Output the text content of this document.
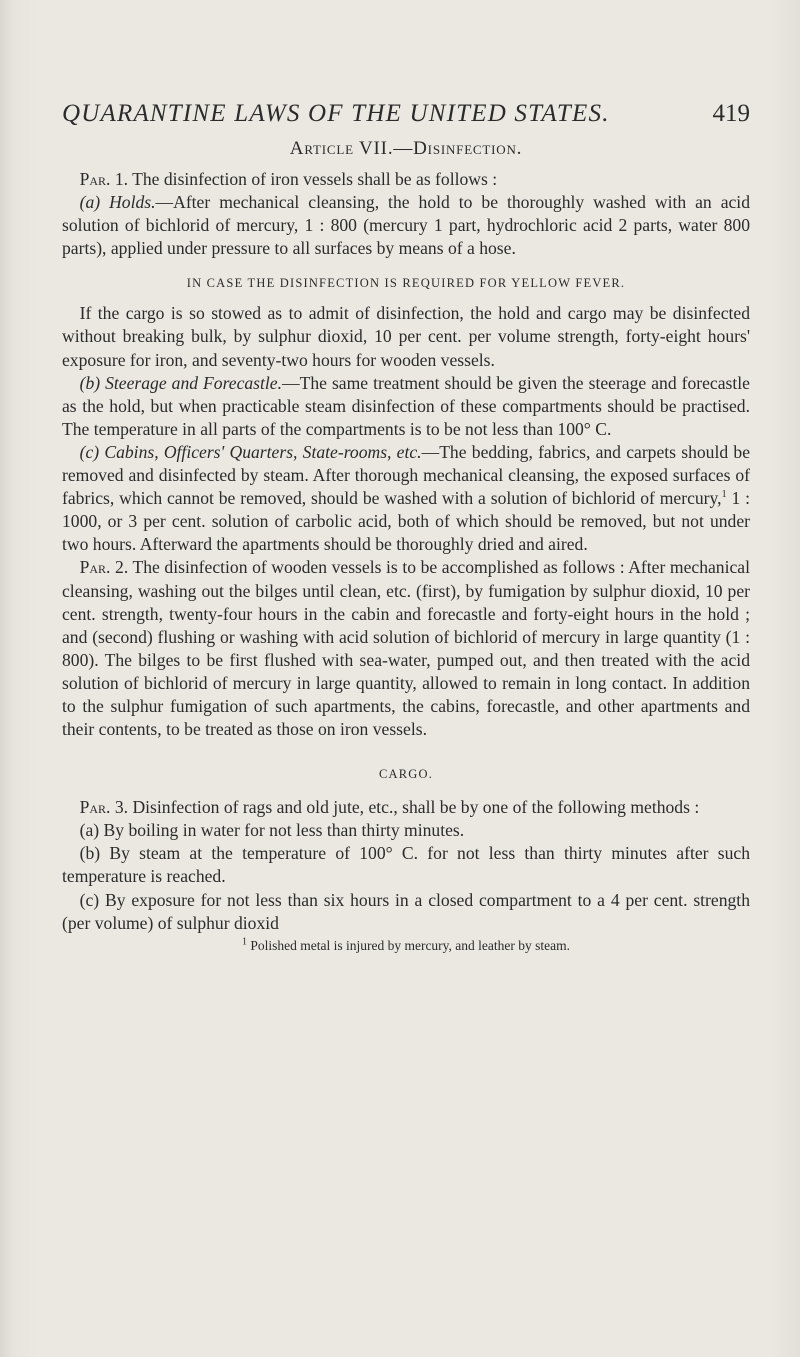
QUARANTINE LAWS OF THE UNITED STATES.	419
Article VII.—Disinfection.

 Par. 1. The disinfection of iron vessels shall be as follows :

 (a) Holds.—After mechanical cleansing, the hold to be thoroughly washed with an acid solution of bichlorid of mercury, 1 : 800 (mercury 1 part, hydrochloric acid 2 parts, water 800 parts), applied under pressure to all surfaces by means of a hose.

IN CASE THE DISINFECTION IS REQUIRED FOR YELLOW FEVER.

 If the cargo is so stowed as to admit of disinfection, the hold and cargo may be disinfected without breaking bulk, by sulphur dioxid, 10 per cent. per volume strength, forty-eight hours' exposure for iron, and seventy-two hours for wooden vessels.

 (b) Steerage and Forecastle.—The same treatment should be given the steerage and forecastle as the hold, but when practicable steam disinfection of these compartments should be practised. The temperature in all parts of the compartments is to be not less than 100° C.

 (c) Cabins, Officers' Quarters, State-rooms, etc.—The bedding, fabrics, and carpets should be removed and disinfected by steam. After thorough mechanical cleansing, the exposed surfaces of fabrics, which cannot be removed, should be washed with a solution of bichlorid of mercury,$^1$ 1 : 1000, or 3 per cent. solution of carbolic acid, both of which should be removed, but not under two hours. Afterward the apartments should be thoroughly dried and aired.

 Par. 2. The disinfection of wooden vessels is to be accomplished as follows : After mechanical cleansing, washing out the bilges until clean, etc. (first), by fumigation by sulphur dioxid, 10 per cent. strength, twenty-four hours in the cabin and forecastle and forty-eight hours in the hold ; and (second) flushing or washing with acid solution of bichlorid of mercury in large quantity (1 : 800). The bilges to be first flushed with sea-water, pumped out, and then treated with the acid solution of bichlorid of mercury in large quantity, allowed to remain in long contact. In addition to the sulphur fumigation of such apartments, the cabins, forecastle, and other apartments and their contents, to be treated as those on iron vessels.

CARGO.

 Par. 3. Disinfection of rags and old jute, etc., shall be by one of the following methods :

 (a) By boiling in water for not less than thirty minutes.

 (b) By steam at the temperature of 100° C. for not less than thirty minutes after such temperature is reached.

 (c) By exposure for not less than six hours in a closed compartment to a 4 per cent. strength (per volume) of sulphur dioxid

$^1$ Polished metal is injured by mercury, and leather by steam.
